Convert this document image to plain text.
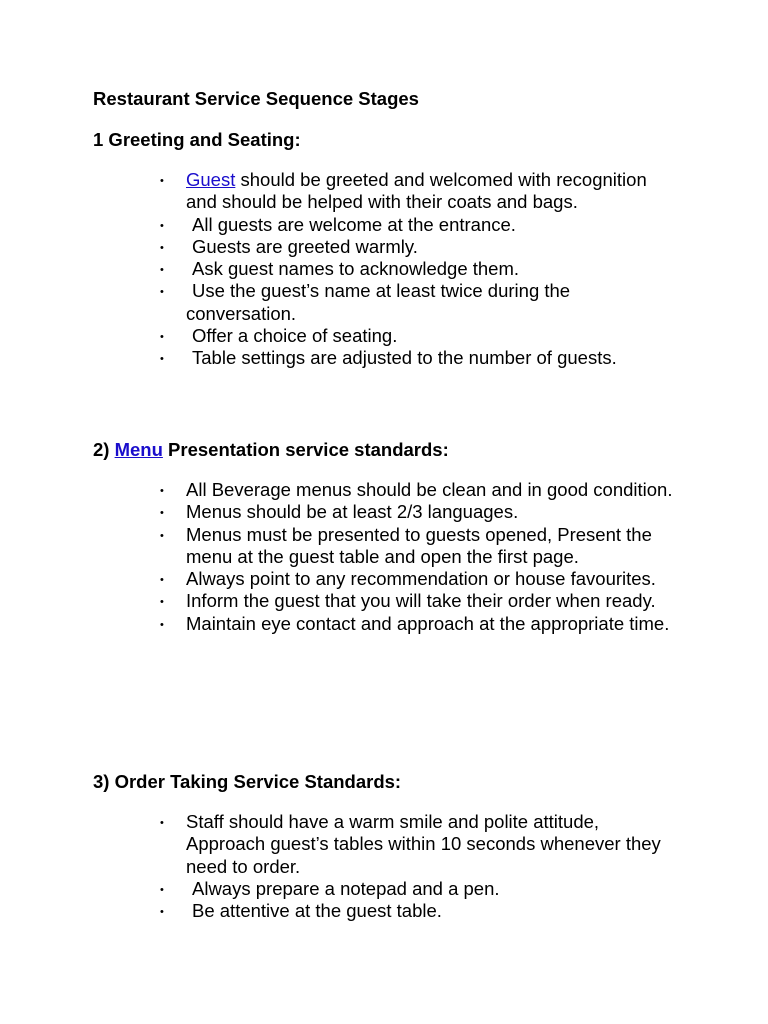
Restaurant Service Sequence Stages
1 Greeting and Seating:
• Guest should be greeted and welcomed with recognition and should be helped with their coats and bags.
• All guests are welcome at the entrance.
• Guests are greeted warmly.
• Ask guest names to acknowledge them.
• Use the guest’s name at least twice during the conversation.
• Offer a choice of seating.
• Table settings are adjusted to the number of guests.
2) Menu Presentation service standards:
• All Beverage menus should be clean and in good condition.
• Menus should be at least 2/3 languages.
• Menus must be presented to guests opened, Present the menu at the guest table and open the first page.
• Always point to any recommendation or house favourites.
• Inform the guest that you will take their order when ready.
• Maintain eye contact and approach at the appropriate time.
3) Order Taking Service Standards:
• Staff should have a warm smile and polite attitude, Approach guest’s tables within 10 seconds whenever they need to order.
• Always prepare a notepad and a pen.
• Be attentive at the guest table.
